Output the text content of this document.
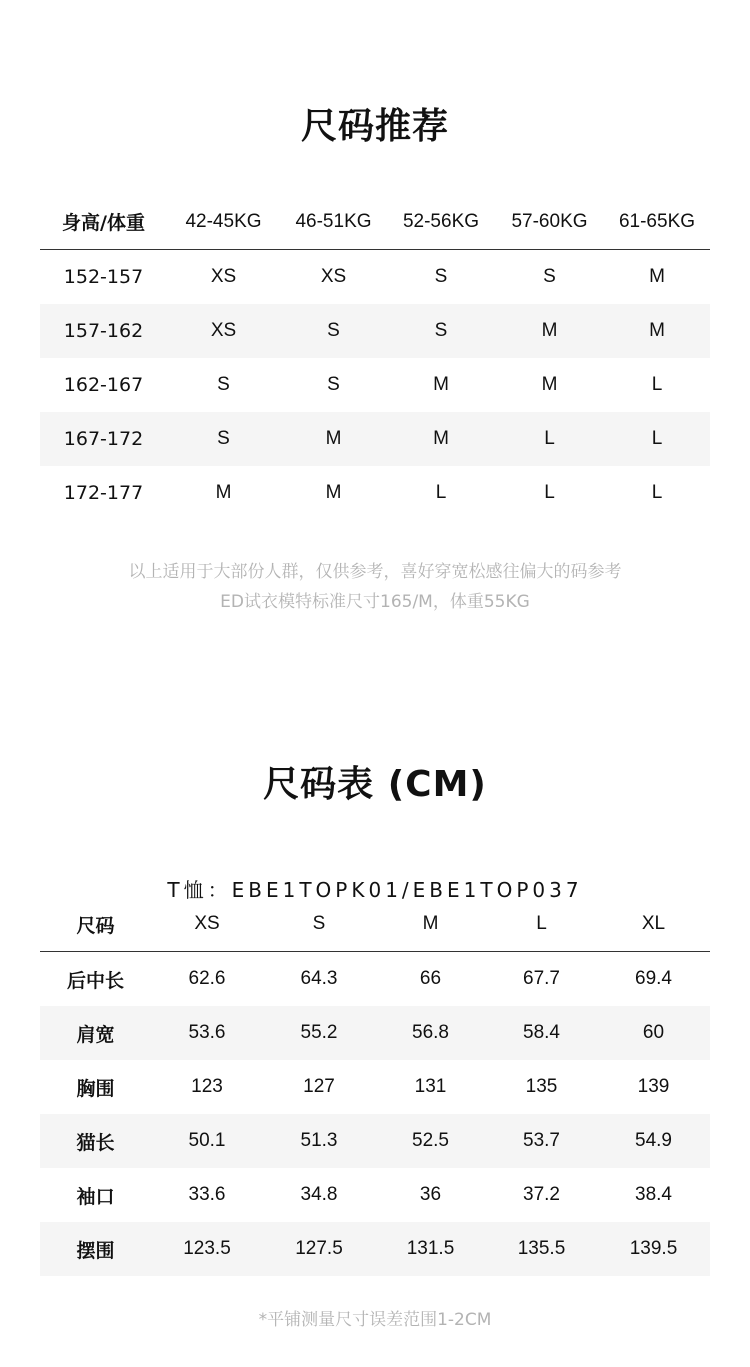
尺码推荐
身高/体重	42-45KG	46-51KG	52-56KG	57-60KG	61-65KG
152-157	XS	XS	S	S	M
157-162	XS	S	S	M	M
162-167	S	S	M	M	L
167-172	S	M	M	L	L
172-177	M	M	L	L	L
以上适用于大部份人群，仅供参考，喜好穿宽松感往偏大的码参考
ED试衣模特标准尺寸165/M，体重55KG
尺码表 (CM)
T恤：EBE1TOPK01/EBE1TOP037
尺码	XS	S	M	L	XL
后中长	62.6	64.3	66	67.7	69.4
肩宽	53.6	55.2	56.8	58.4	60
胸围	123	127	131	135	139
猫长	50.1	51.3	52.5	53.7	54.9
袖口	33.6	34.8	36	37.2	38.4
摆围	123.5	127.5	131.5	135.5	139.5
*平铺测量尺寸误差范围1-2CM
